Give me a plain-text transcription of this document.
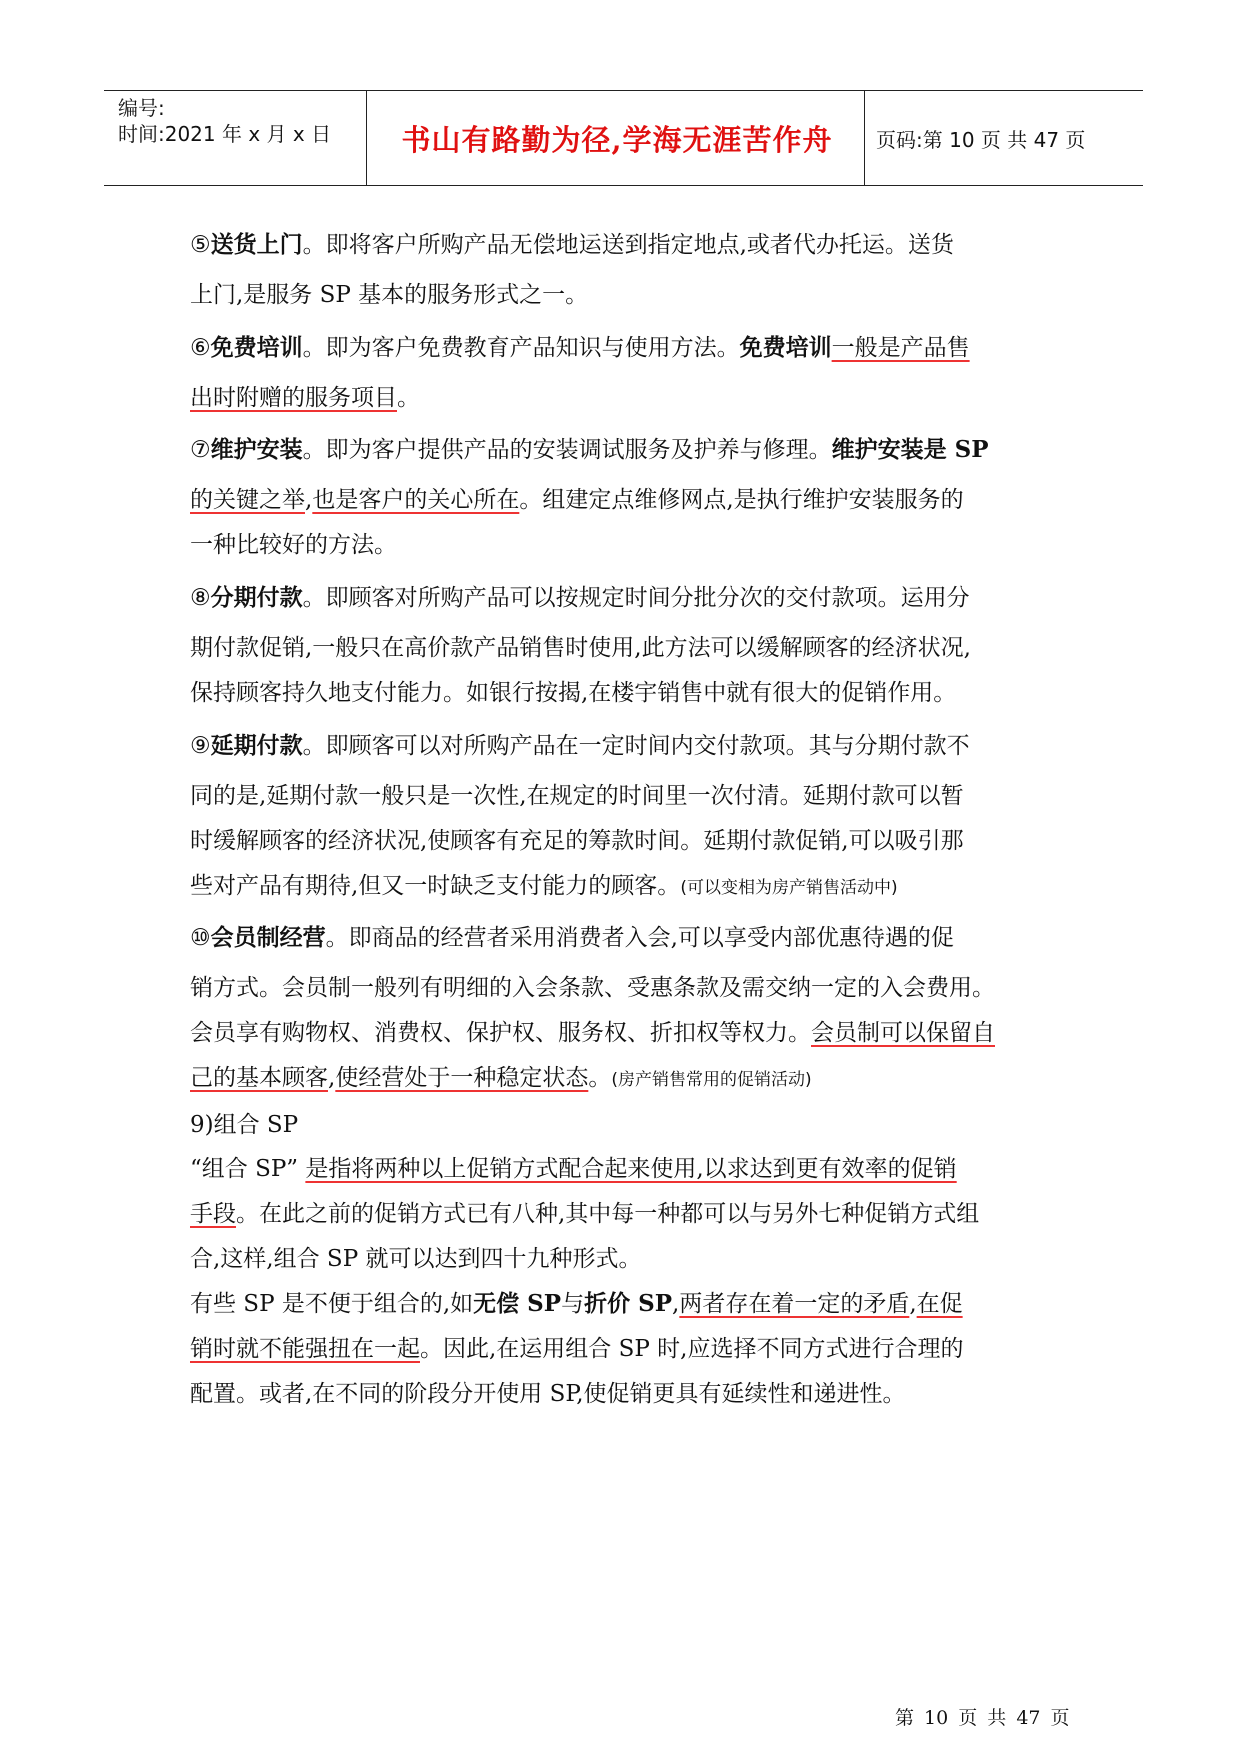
编号:
时间:2021 年 x 月 x 日	书山有路勤为径,学海无涯苦作舟	页码:第 10 页 共 47 页
⑤送货上门。即将客户所购产品无偿地运送到指定地点,或者代办托运。送货
上门,是服务 SP 基本的服务形式之一。
⑥免费培训。即为客户免费教育产品知识与使用方法。免费培训一般是产品售
出时附赠的服务项目。
⑦维护安装。即为客户提供产品的安装调试服务及护养与修理。维护安装是 SP
的关键之举,也是客户的关心所在。组建定点维修网点,是执行维护安装服务的
一种比较好的方法。
⑧分期付款。即顾客对所购产品可以按规定时间分批分次的交付款项。运用分
期付款促销,一般只在高价款产品销售时使用,此方法可以缓解顾客的经济状况,
保持顾客持久地支付能力。如银行按揭,在楼宇销售中就有很大的促销作用。
⑨延期付款。即顾客可以对所购产品在一定时间内交付款项。其与分期付款不
同的是,延期付款一般只是一次性,在规定的时间里一次付清。延期付款可以暂
时缓解顾客的经济状况,使顾客有充足的筹款时间。延期付款促销,可以吸引那
些对产品有期待,但又一时缺乏支付能力的顾客。(可以变相为房产销售活动中)
⑩会员制经营。即商品的经营者采用消费者入会,可以享受内部优惠待遇的促
销方式。会员制一般列有明细的入会条款、受惠条款及需交纳一定的入会费用。
会员享有购物权、消费权、保护权、服务权、折扣权等权力。会员制可以保留自
己的基本顾客,使经营处于一种稳定状态。(房产销售常用的促销活动)
9)组合 SP
“组合 SP” 是指将两种以上促销方式配合起来使用,以求达到更有效率的促销
手段。在此之前的促销方式已有八种,其中每一种都可以与另外七种促销方式组
合,这样,组合 SP 就可以达到四十九种形式。
有些 SP 是不便于组合的,如无偿 SP与折价 SP,两者存在着一定的矛盾,在促
销时就不能强扭在一起。因此,在运用组合 SP 时,应选择不同方式进行合理的
配置。或者,在不同的阶段分开使用 SP,使促销更具有延续性和递进性。
第 10 页 共 47 页
